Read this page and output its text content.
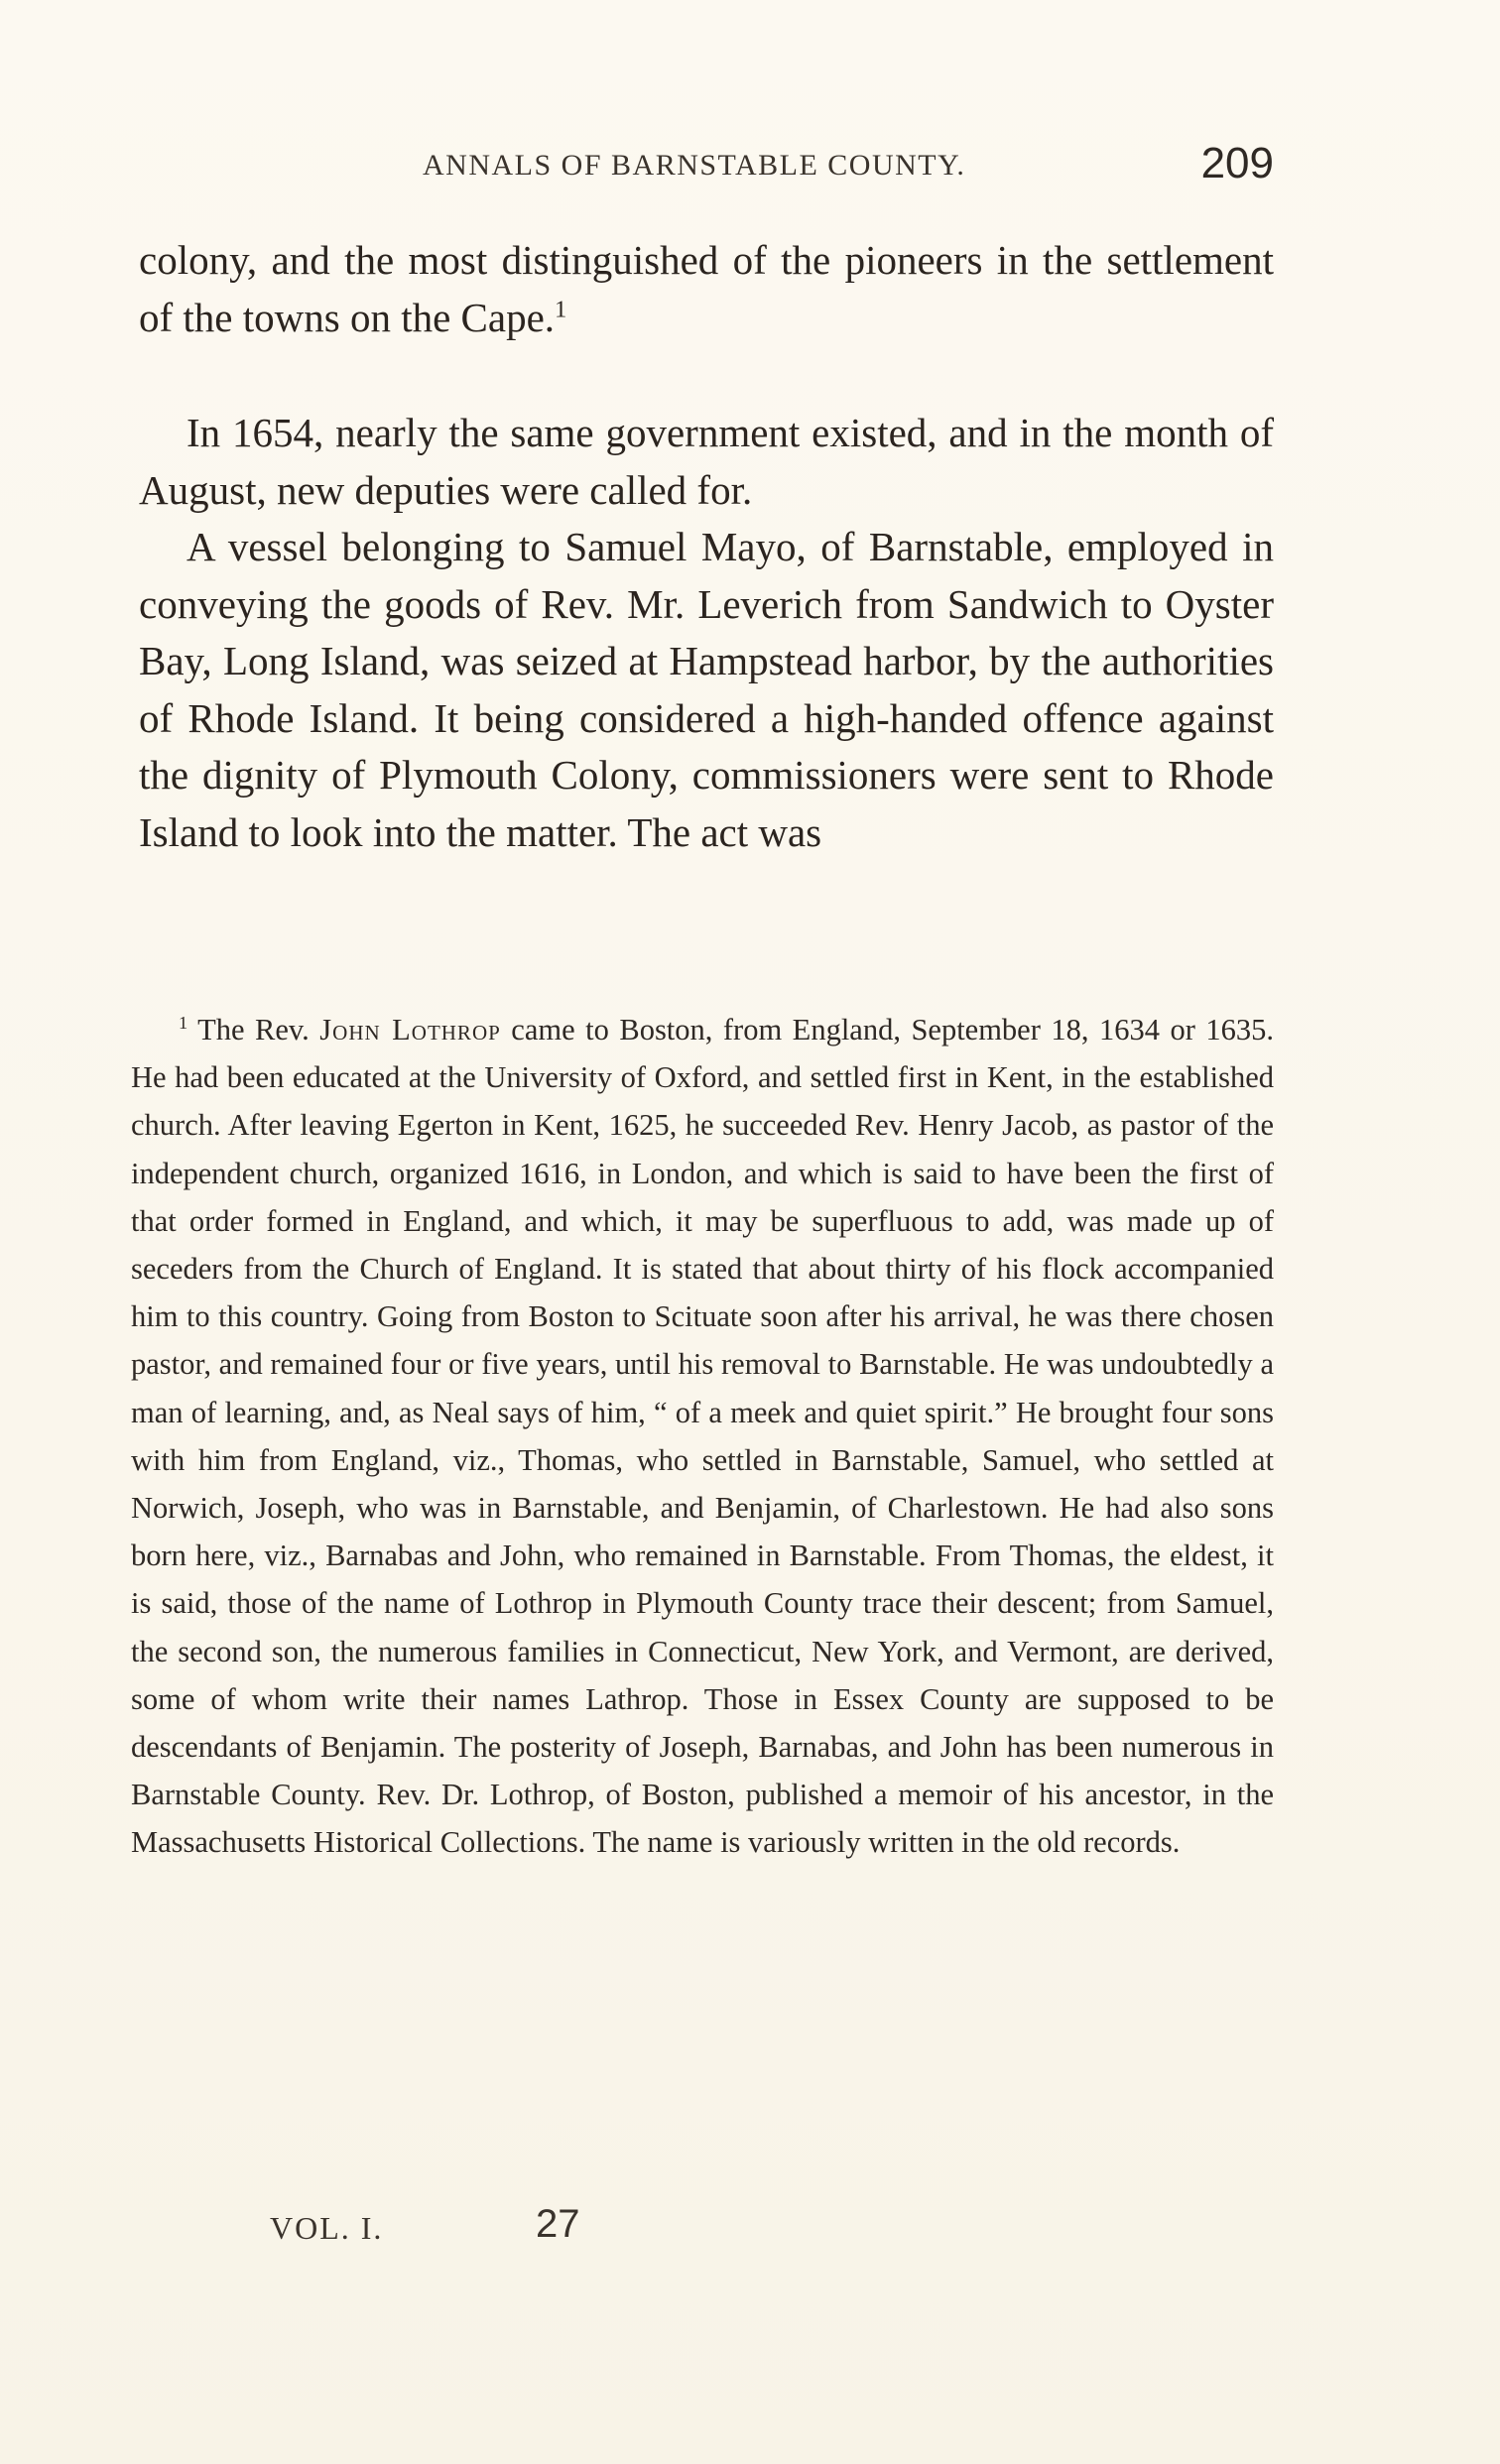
ANNALS OF BARNSTABLE COUNTY.	209

colony, and the most distinguished of the pioneers in the settlement of the towns on the Cape.$^1$

In 1654, nearly the same government existed, and in the month of August, new deputies were called for.

A vessel belonging to Samuel Mayo, of Barnstable, employed in conveying the goods of Rev. Mr. Leverich from Sandwich to Oyster Bay, Long Island, was seized at Hampstead harbor, by the authorities of Rhode Island. It being considered a high-handed offence against the dignity of Plymouth Colony, commissioners were sent to Rhode Island to look into the matter. The act was

$^1$ The Rev. John Lothrop came to Boston, from England, September 18, 1634 or 1635. He had been educated at the University of Oxford, and settled first in Kent, in the established church. After leaving Egerton in Kent, 1625, he succeeded Rev. Henry Jacob, as pastor of the independent church, organized 1616, in London, and which is said to have been the first of that order formed in England, and which, it may be superfluous to add, was made up of seceders from the Church of England. It is stated that about thirty of his flock accompanied him to this country. Going from Boston to Scituate soon after his arrival, he was there chosen pastor, and remained four or five years, until his removal to Barnstable. He was undoubtedly a man of learning, and, as Neal says of him, “ of a meek and quiet spirit.” He brought four sons with him from England, viz., Thomas, who settled in Barnstable, Samuel, who settled at Norwich, Joseph, who was in Barnstable, and Benjamin, of Charlestown. He had also sons born here, viz., Barnabas and John, who remained in Barnstable. From Thomas, the eldest, it is said, those of the name of Lothrop in Plymouth County trace their descent; from Samuel, the second son, the numerous families in Connecticut, New York, and Vermont, are derived, some of whom write their names Lathrop. Those in Essex County are supposed to be descendants of Benjamin. The posterity of Joseph, Barnabas, and John has been numerous in Barnstable County. Rev. Dr. Lothrop, of Boston, published a memoir of his ancestor, in the Massachusetts Historical Collections. The name is variously written in the old records.

VOL. I.	27
